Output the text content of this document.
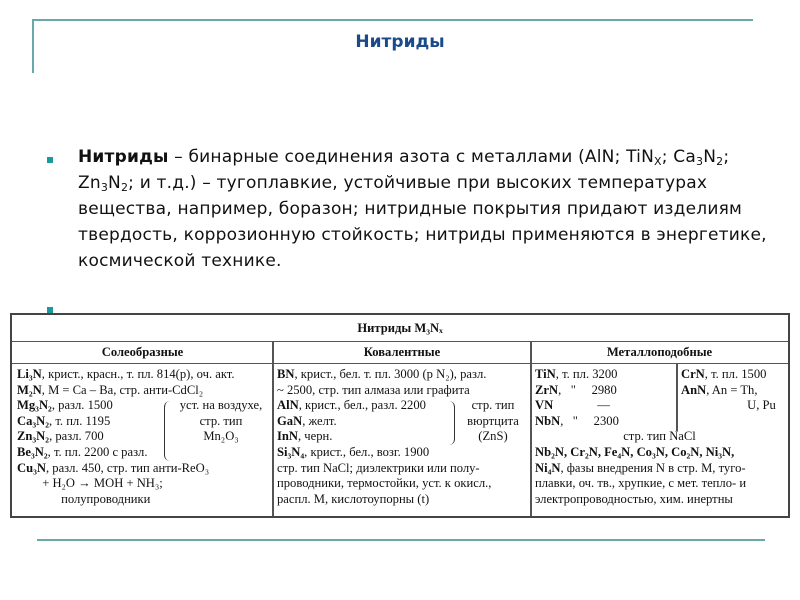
Нитриды
Нитриды – бинарные соединения азота с металлами (AlN; TiN$_X$; $Ca_3N_2$; $Zn_3N_2$; и т.д.) – тугоплавкие, устойчивые при высоких температурах вещества, например, боразон; нитридные покрытия придают изделиям твердость, коррозионную стойкость; нитриды применяются в энергетике, космической технике.
Нитриды M₃Nₓ
Солеобразные	Ковалентные	Металлоподобные
Li₃N, крист., красн., т. пл. 814(p), оч. акт.
M₂N, M = Ca – Ba, стр. анти-CdCl₂
Mg₃N₂, разл. 1500
Ca₃N₂, т. пл. 1195
Zn₃N₂, разл. 700
Be₃N₂, т. пл. 2200 с разл.
Cu₃N, разл. 450, стр. тип анти-ReO₃
+ H₂O → MOH + NH₃;
полупроводники
уст. на воздухе,
стр. тип
Mn₂O₃
BN, крист., бел. т. пл. 3000 (p N₂), разл.
~ 2500, стр. тип алмаза или графита
AlN, крист., бел., разл. 2200
GaN, желт.
InN, черн.
Si₃N₄, крист., бел., возг. 1900
стр. тип NaCl; диэлектрики или полу-
проводники, термостойки, уст. к окисл.,
распл. M, кислотоупорны (t)
стр. тип
вюртцита
(ZnS)
TiN, т. пл. 3200
ZrN,   "     2980
VN              —
NbN,   "     2300
CrN, т. пл. 1500
AnN, An = Th,
U, Pu
стр. тип NaCl
Nb₂N, Cr₂N, Fe₄N, Co₃N, Co₂N, Ni₃N,
Ni₄N, фазы внедрения N в стр. M, туго-
плавки, оч. тв., хрупкие, с мет. тепло- и
электропроводностью, хим. инертны
